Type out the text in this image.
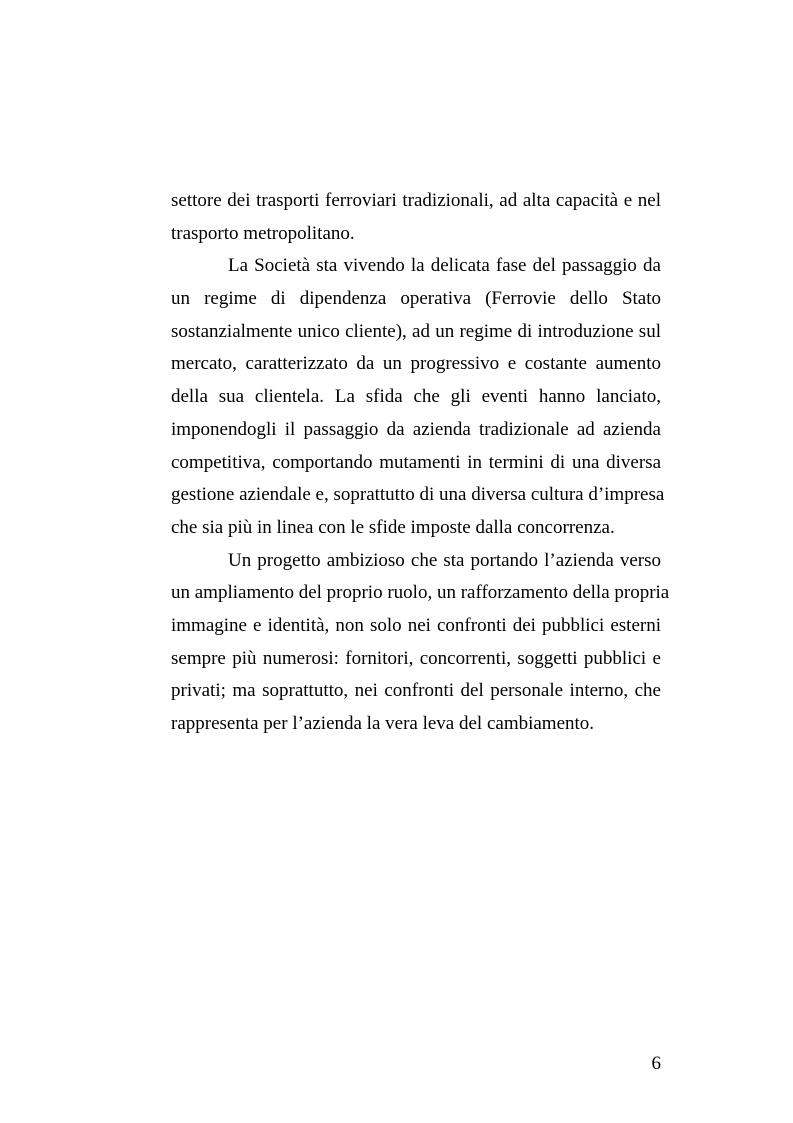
settore dei trasporti ferroviari tradizionali, ad alta capacità e nel
trasporto metropolitano.
La Società sta vivendo la delicata fase del passaggio da
un regime di dipendenza operativa (Ferrovie dello Stato
sostanzialmente unico cliente), ad un regime di introduzione sul
mercato, caratterizzato da un progressivo e costante aumento
della sua clientela. La sfida che gli eventi hanno lanciato,
imponendogli il passaggio da azienda tradizionale ad azienda
competitiva, comportando mutamenti in termini di una diversa
gestione aziendale e, soprattutto di una diversa cultura d’impresa
che sia più in linea con le sfide imposte dalla concorrenza.
Un progetto ambizioso che sta portando l’azienda verso
un ampliamento del proprio ruolo, un rafforzamento della propria
immagine e identità, non solo nei confronti dei pubblici esterni
sempre più numerosi: fornitori, concorrenti, soggetti pubblici e
privati; ma soprattutto, nei confronti del personale interno, che
rappresenta per l’azienda la vera leva del cambiamento.
6
